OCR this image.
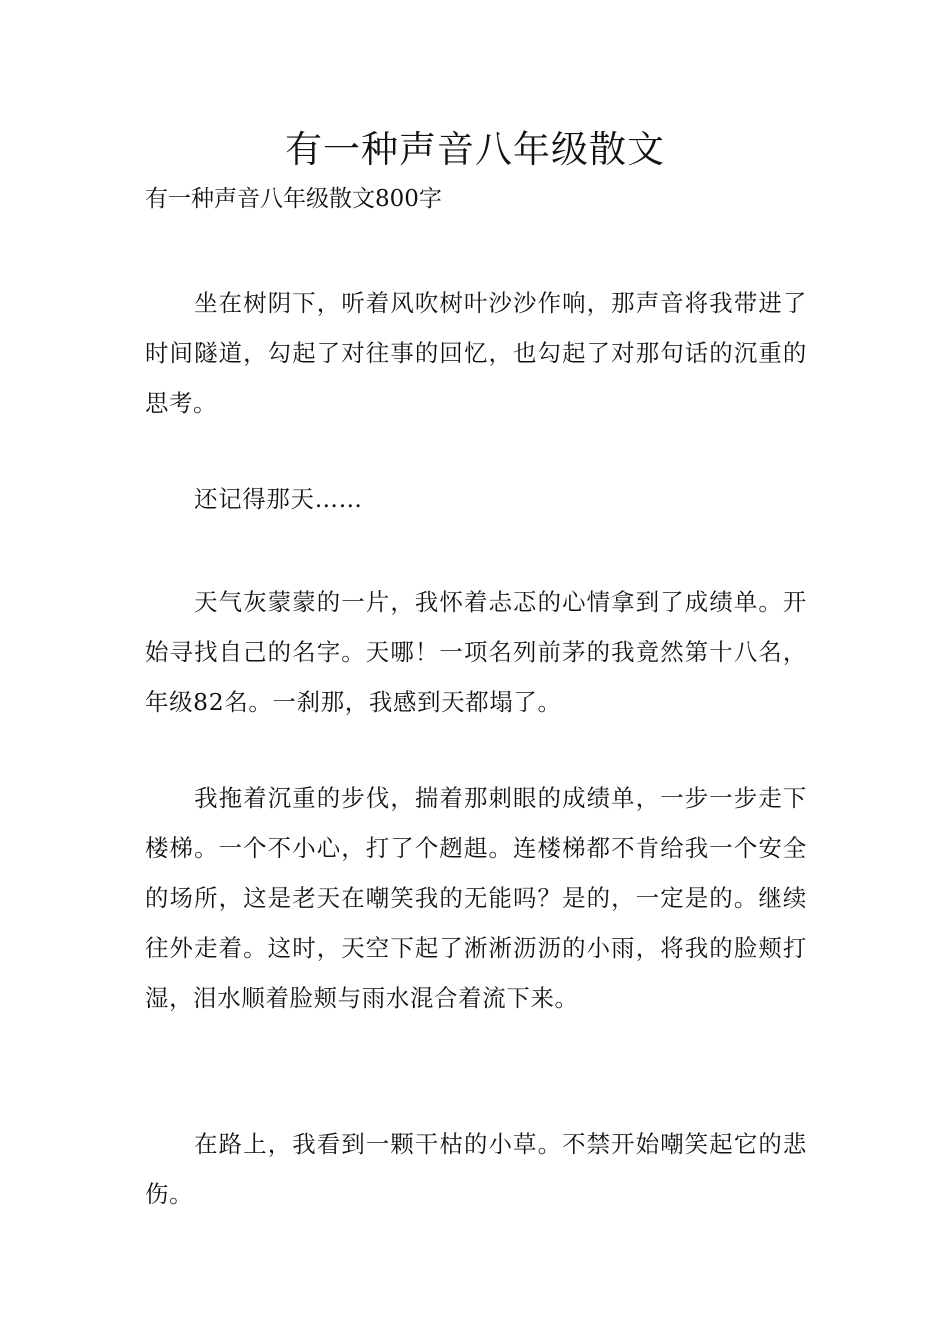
有一种声音八年级散文

有一种声音八年级散文800字

坐在树阴下，听着风吹树叶沙沙作响，那声音将我带进了时间隧道，勾起了对往事的回忆，也勾起了对那句话的沉重的思考。

还记得那天……

天气灰蒙蒙的一片，我怀着忐忑的心情拿到了成绩单。开始寻找自己的名字。天哪！一项名列前茅的我竟然第十八名，年级82名。一刹那，我感到天都塌了。

我拖着沉重的步伐，揣着那刺眼的成绩单，一步一步走下楼梯。一个不小心，打了个趔趄。连楼梯都不肯给我一个安全的场所，这是老天在嘲笑我的无能吗？是的，一定是的。继续往外走着。这时，天空下起了淅淅沥沥的小雨，将我的脸颊打湿，泪水顺着脸颊与雨水混合着流下来。

在路上，我看到一颗干枯的小草。不禁开始嘲笑起它的悲伤。
